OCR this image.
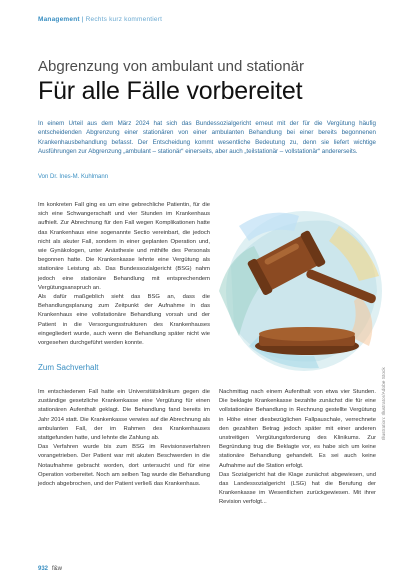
Management | Rechts kurz kommentiert
Abgrenzung von ambulant und stationär
Für alle Fälle vorbereitet

In einem Urteil aus dem März 2024 hat sich das Bundessozialgericht erneut mit der für die Vergütung häufig entscheidenden Abgrenzung einer stationären von einer ambulanten Behandlung bei einer bereits begonnenen Krankenhausbehandlung befasst. Der Entscheidung kommt wesentliche Bedeutung zu, denn sie liefert wichtige Ausführungen zur Abgrenzung „ambulant – stationär“ einerseits, aber auch „teilstationär – vollstationär“ andererseits.

Von Dr. Ines-M. Kuhlmann

Im konkreten Fall ging es um eine gebrechliche Patientin, für die sich eine Schwangerschaft und vier Stunden im Krankenhaus aufhielt. Zur Abrechnung für den Fall wegen Komplikationen hatte das Krankenhaus eine sogenannte Sectio vereinbart, die jedoch nicht als akuter Fall, sondern in einer geplanten Operation und, wie Gynäkologen, unter Anästhesie und mithilfe des Personals begonnen hatte. Die Krankenkasse lehnte eine Vergütung als stationäre Leistung ab. Das Bundessozialgericht (BSG) nahm jedoch eine stationäre Behandlung mit entsprechendem Vergütungsanspruch an.

Als dafür maßgeblich sieht das BSG an, dass die Behandlungsplanung zum Zeitpunkt der Aufnahme in das Krankenhaus eine vollstationäre Behandlung vorsah und der Patient in die Versorgungsstrukturen des Krankenhauses eingegliedert wurde, auch wenn die Behandlung später nicht wie vorgesehen durchgeführt werden konnte.

Zum Sachverhalt

Im entschiedenen Fall hatte ein Universitätsklinikum gegen die zuständige gesetzliche Krankenkasse eine Vergütung für einen stationären Aufenthalt geklagt. Die Behandlung fand bereits im Jahr 2014 statt. Die Krankenkasse verwies auf die Abrechnung als ambulanten Fall, der im Rahmen des Krankenhauses stattgefunden hatte, und lehnte die Zahlung ab.

Das Verfahren wurde bis zum BSG im Revisionsverfahren vorangetrieben. Der Patient war mit akuten Beschwerden in die Notaufnahme gebracht worden, dort untersucht und für eine Operation vorbereitet. Noch am selben Tag wurde die Behandlung jedoch abgebrochen, und der Patient verließ das Krankenhaus.

Nachmittag nach einem Aufenthalt von etwa vier Stunden. Die beklagte Krankenkasse bezahlte zunächst die für eine vollstationäre Behandlung in Rechnung gestellte Vergütung in Höhe einer diesbezüglichen Fallpauschale, verrechnete den gezahlten Betrag jedoch später mit einer anderen unstreitigen Vergütungsforderung des Klinikums. Zur Begründung trug die Beklagte vor, es habe sich um keine stationäre Behandlung gehandelt. Es sei auch keine Aufnahme auf die Station erfolgt.

Das Sozialgericht hat die Klage zunächst abgewiesen, und das Landessozialgericht (LSG) hat die Berufung der Krankenkasse im Wesentlichen zurückgewiesen. Mit ihrer Revision verfolgt...

Illustration: Illustrator/Adobe Stock
932 f&w
